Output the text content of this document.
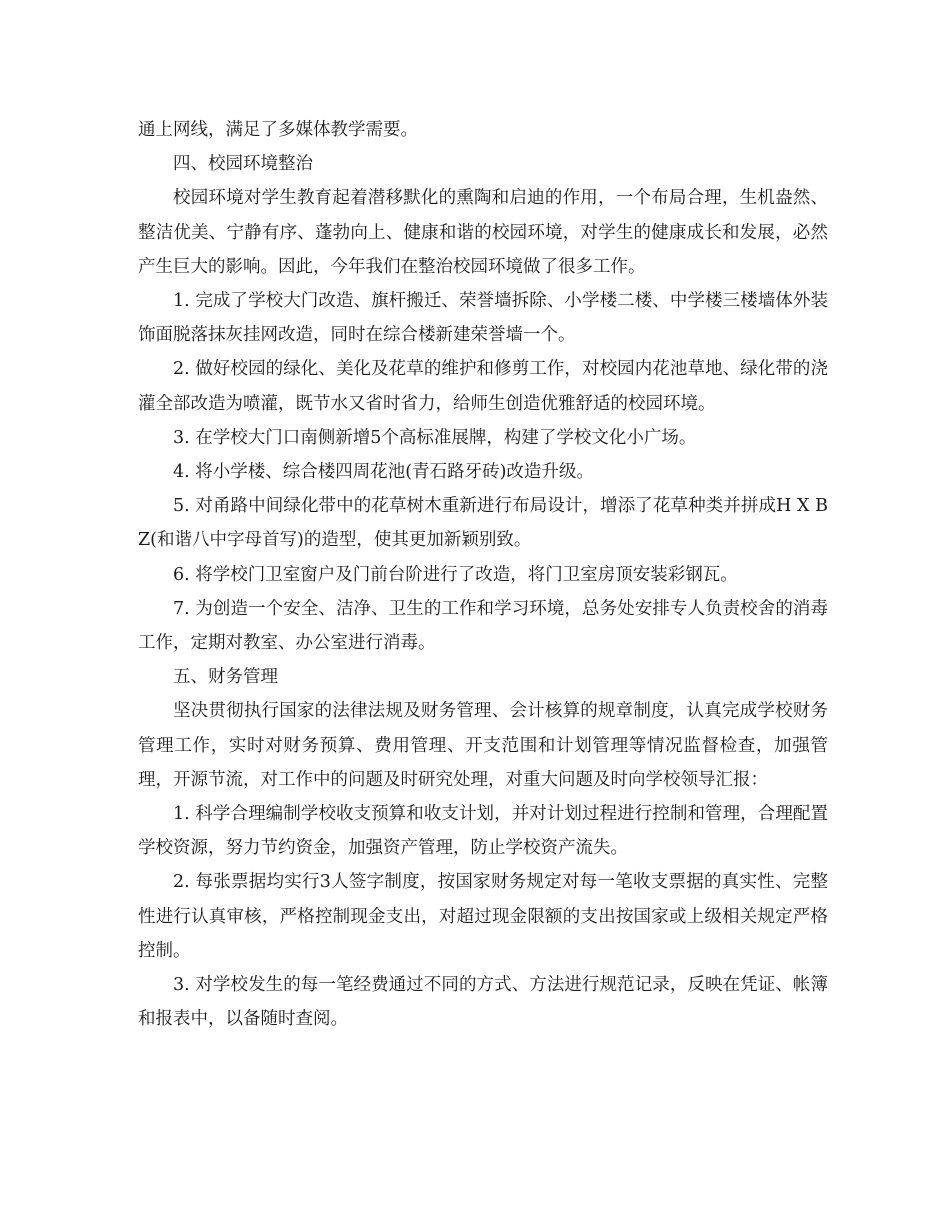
通上网线，满足了多媒体教学需要。

四、校园环境整治

校园环境对学生教育起着潜移默化的熏陶和启迪的作用，一个布局合理，生机盎然、整洁优美、宁静有序、蓬勃向上、健康和谐的校园环境，对学生的健康成长和发展，必然产生巨大的影响。因此，今年我们在整治校园环境做了很多工作。

1. 完成了学校大门改造、旗杆搬迁、荣誉墙拆除、小学楼二楼、中学楼三楼墙体外装饰面脱落抹灰挂网改造，同时在综合楼新建荣誉墙一个。

2. 做好校园的绿化、美化及花草的维护和修剪工作，对校园内花池草地、绿化带的浇灌全部改造为喷灌，既节水又省时省力，给师生创造优雅舒适的校园环境。

3. 在学校大门口南侧新增5个高标准展牌，构建了学校文化小广场。

4. 将小学楼、综合楼四周花池(青石路牙砖)改造升级。

5. 对甬路中间绿化带中的花草树木重新进行布局设计，增添了花草种类并拼成H X B Z(和谐八中字母首写)的造型，使其更加新颖别致。

6. 将学校门卫室窗户及门前台阶进行了改造，将门卫室房顶安装彩钢瓦。

7. 为创造一个安全、洁净、卫生的工作和学习环境，总务处安排专人负责校舍的消毒工作，定期对教室、办公室进行消毒。

五、财务管理

坚决贯彻执行国家的法律法规及财务管理、会计核算的规章制度，认真完成学校财务管理工作，实时对财务预算、费用管理、开支范围和计划管理等情况监督检查，加强管理，开源节流，对工作中的问题及时研究处理，对重大问题及时向学校领导汇报：

1. 科学合理编制学校收支预算和收支计划，并对计划过程进行控制和管理，合理配置学校资源，努力节约资金，加强资产管理，防止学校资产流失。

2. 每张票据均实行3人签字制度，按国家财务规定对每一笔收支票据的真实性、完整性进行认真审核，严格控制现金支出，对超过现金限额的支出按国家或上级相关规定严格控制。

3. 对学校发生的每一笔经费通过不同的方式、方法进行规范记录，反映在凭证、帐簿和报表中，以备随时查阅。
